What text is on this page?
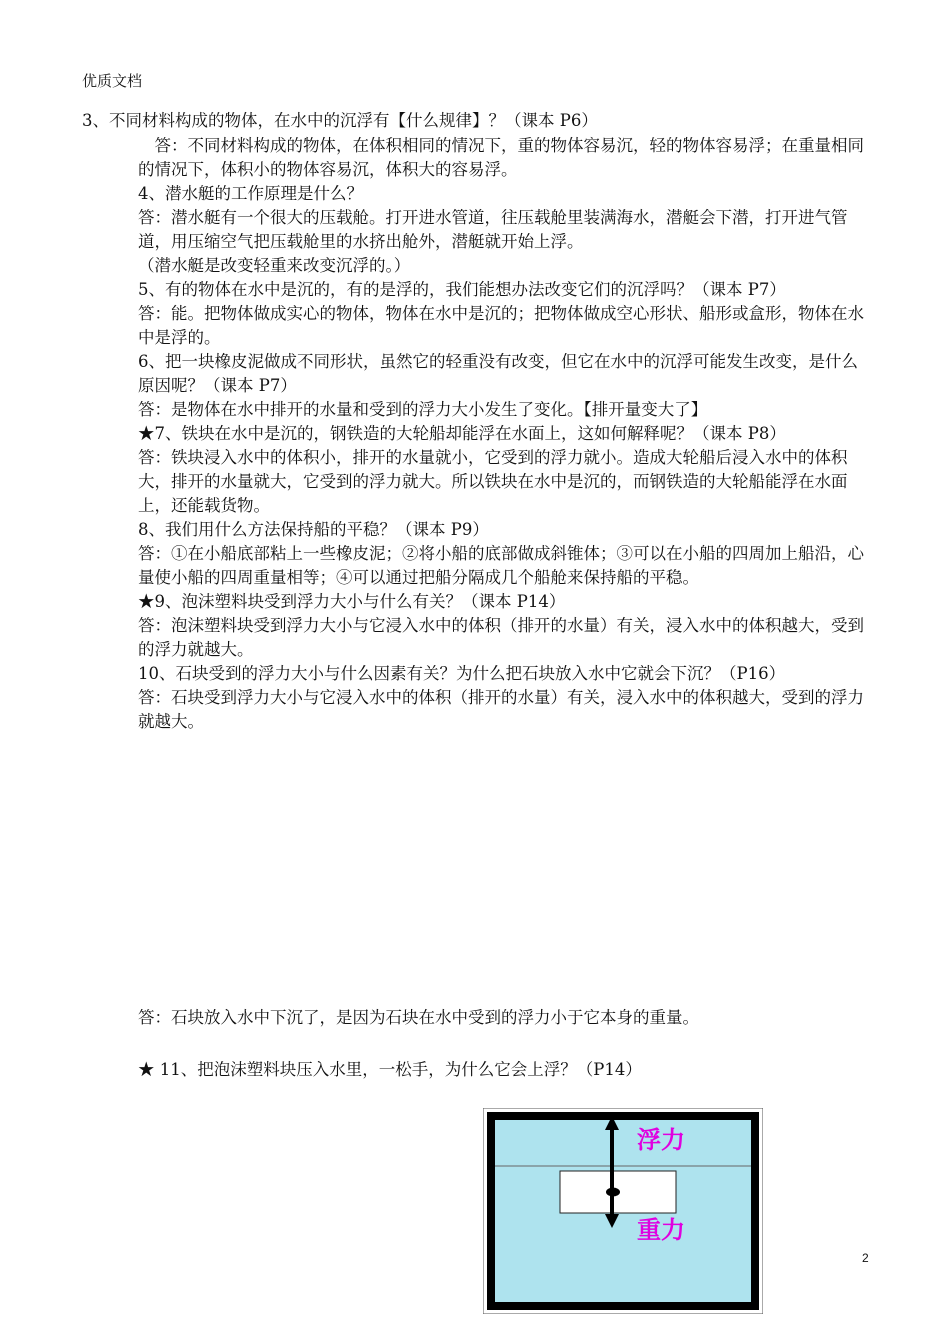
优质文档
3、不同材料构成的物体，在水中的沉浮有【什么规律】？（课本 P6）

答：不同材料构成的物体，在体积相同的情况下，重的物体容易沉，轻的物体容易浮；在重量相同的情况下，体积小的物体容易沉，体积大的容易浮。

4、潜水艇的工作原理是什么？

答：潜水艇有一个很大的压载舱。打开进水管道，往压载舱里装满海水，潜艇会下潜，打开进气管道，用压缩空气把压载舱里的水挤出舱外，潜艇就开始上浮。

（潜水艇是改变轻重来改变沉浮的。）

5、有的物体在水中是沉的，有的是浮的，我们能想办法改变它们的沉浮吗？（课本 P7）

答：能。把物体做成实心的物体，物体在水中是沉的；把物体做成空心形状、船形或盒形，物体在水中是浮的。

6、把一块橡皮泥做成不同形状，虽然它的轻重没有改变，但它在水中的沉浮可能发生改变，是什么原因呢？（课本 P7）

答：是物体在水中排开的水量和受到的浮力大小发生了变化。【排开量变大了】

★7、铁块在水中是沉的，钢铁造的大轮船却能浮在水面上，这如何解释呢？（课本 P8）

答：铁块浸入水中的体积小，排开的水量就小，它受到的浮力就小。造成大轮船后浸入水中的体积大，排开的水量就大，它受到的浮力就大。所以铁块在水中是沉的，而钢铁造的大轮船能浮在水面上，还能载货物。

8、我们用什么方法保持船的平稳？（课本 P9）

答：①在小船底部粘上一些橡皮泥；②将小船的底部做成斜锥体；③可以在小船的四周加上船沿，心量使小船的四周重量相等；④可以通过把船分隔成几个船舱来保持船的平稳。

★9、泡沫塑料块受到浮力大小与什么有关？（课本 P14）

答：泡沫塑料块受到浮力大小与它浸入水中的体积（排开的水量）有关，浸入水中的体积越大，受到的浮力就越大。

10、石块受到的浮力大小与什么因素有关？为什么把石块放入水中它就会下沉？（P16）

答：石块受到浮力大小与它浸入水中的体积（排开的水量）有关，浸入水中的体积越大，受到的浮力就越大。

答：石块放入水中下沉了，是因为石块在水中受到的浮力小于它本身的重量。
★ 11、把泡沫塑料块压入水里，一松手，为什么它会上浮？（P14）
浮力
重力
2
